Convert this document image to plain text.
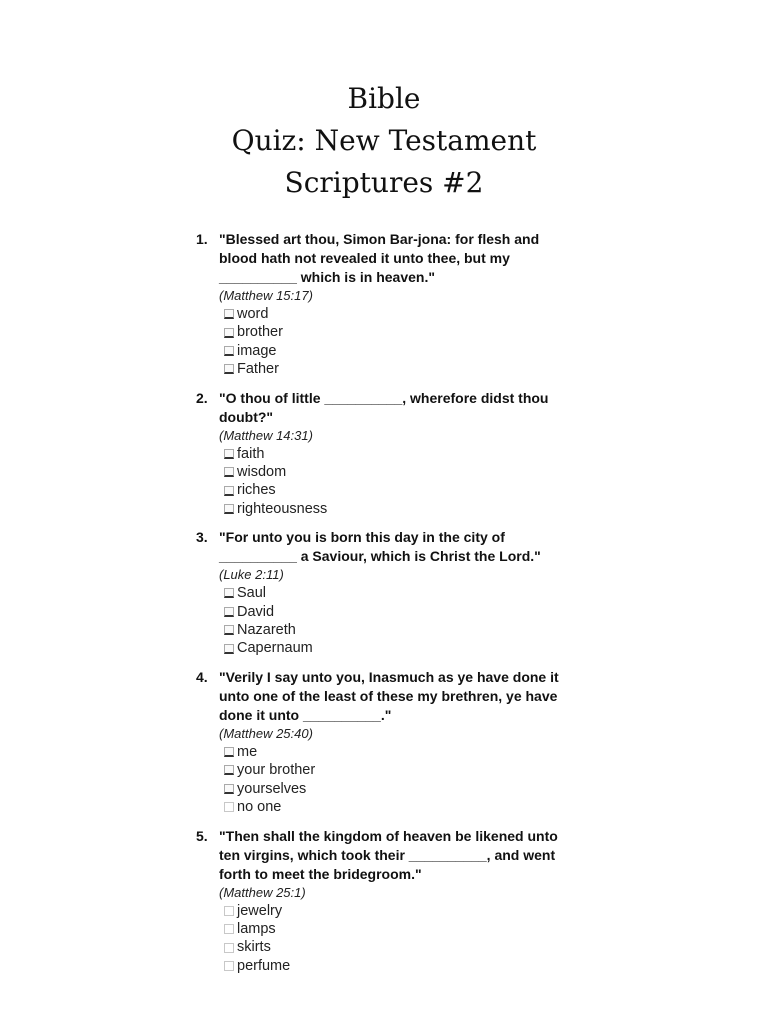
Bible
Quiz: New Testament
Scriptures #2
1. "Blessed art thou, Simon Bar-jona: for flesh and blood hath not revealed it unto thee, but my __________ which is in heaven."
(Matthew 15:17)
word
brother
image
Father
2. "O thou of little __________, wherefore didst thou doubt?"
(Matthew 14:31)
faith
wisdom
riches
righteousness
3. "For unto you is born this day in the city of __________ a Saviour, which is Christ the Lord."
(Luke 2:11)
Saul
David
Nazareth
Capernaum
4. "Verily I say unto you, Inasmuch as ye have done it unto one of the least of these my brethren, ye have done it unto __________."
(Matthew 25:40)
me
your brother
yourselves
no one
5. "Then shall the kingdom of heaven be likened unto ten virgins, which took their __________, and went forth to meet the bridegroom."
(Matthew 25:1)
jewelry
lamps
skirts
perfume
